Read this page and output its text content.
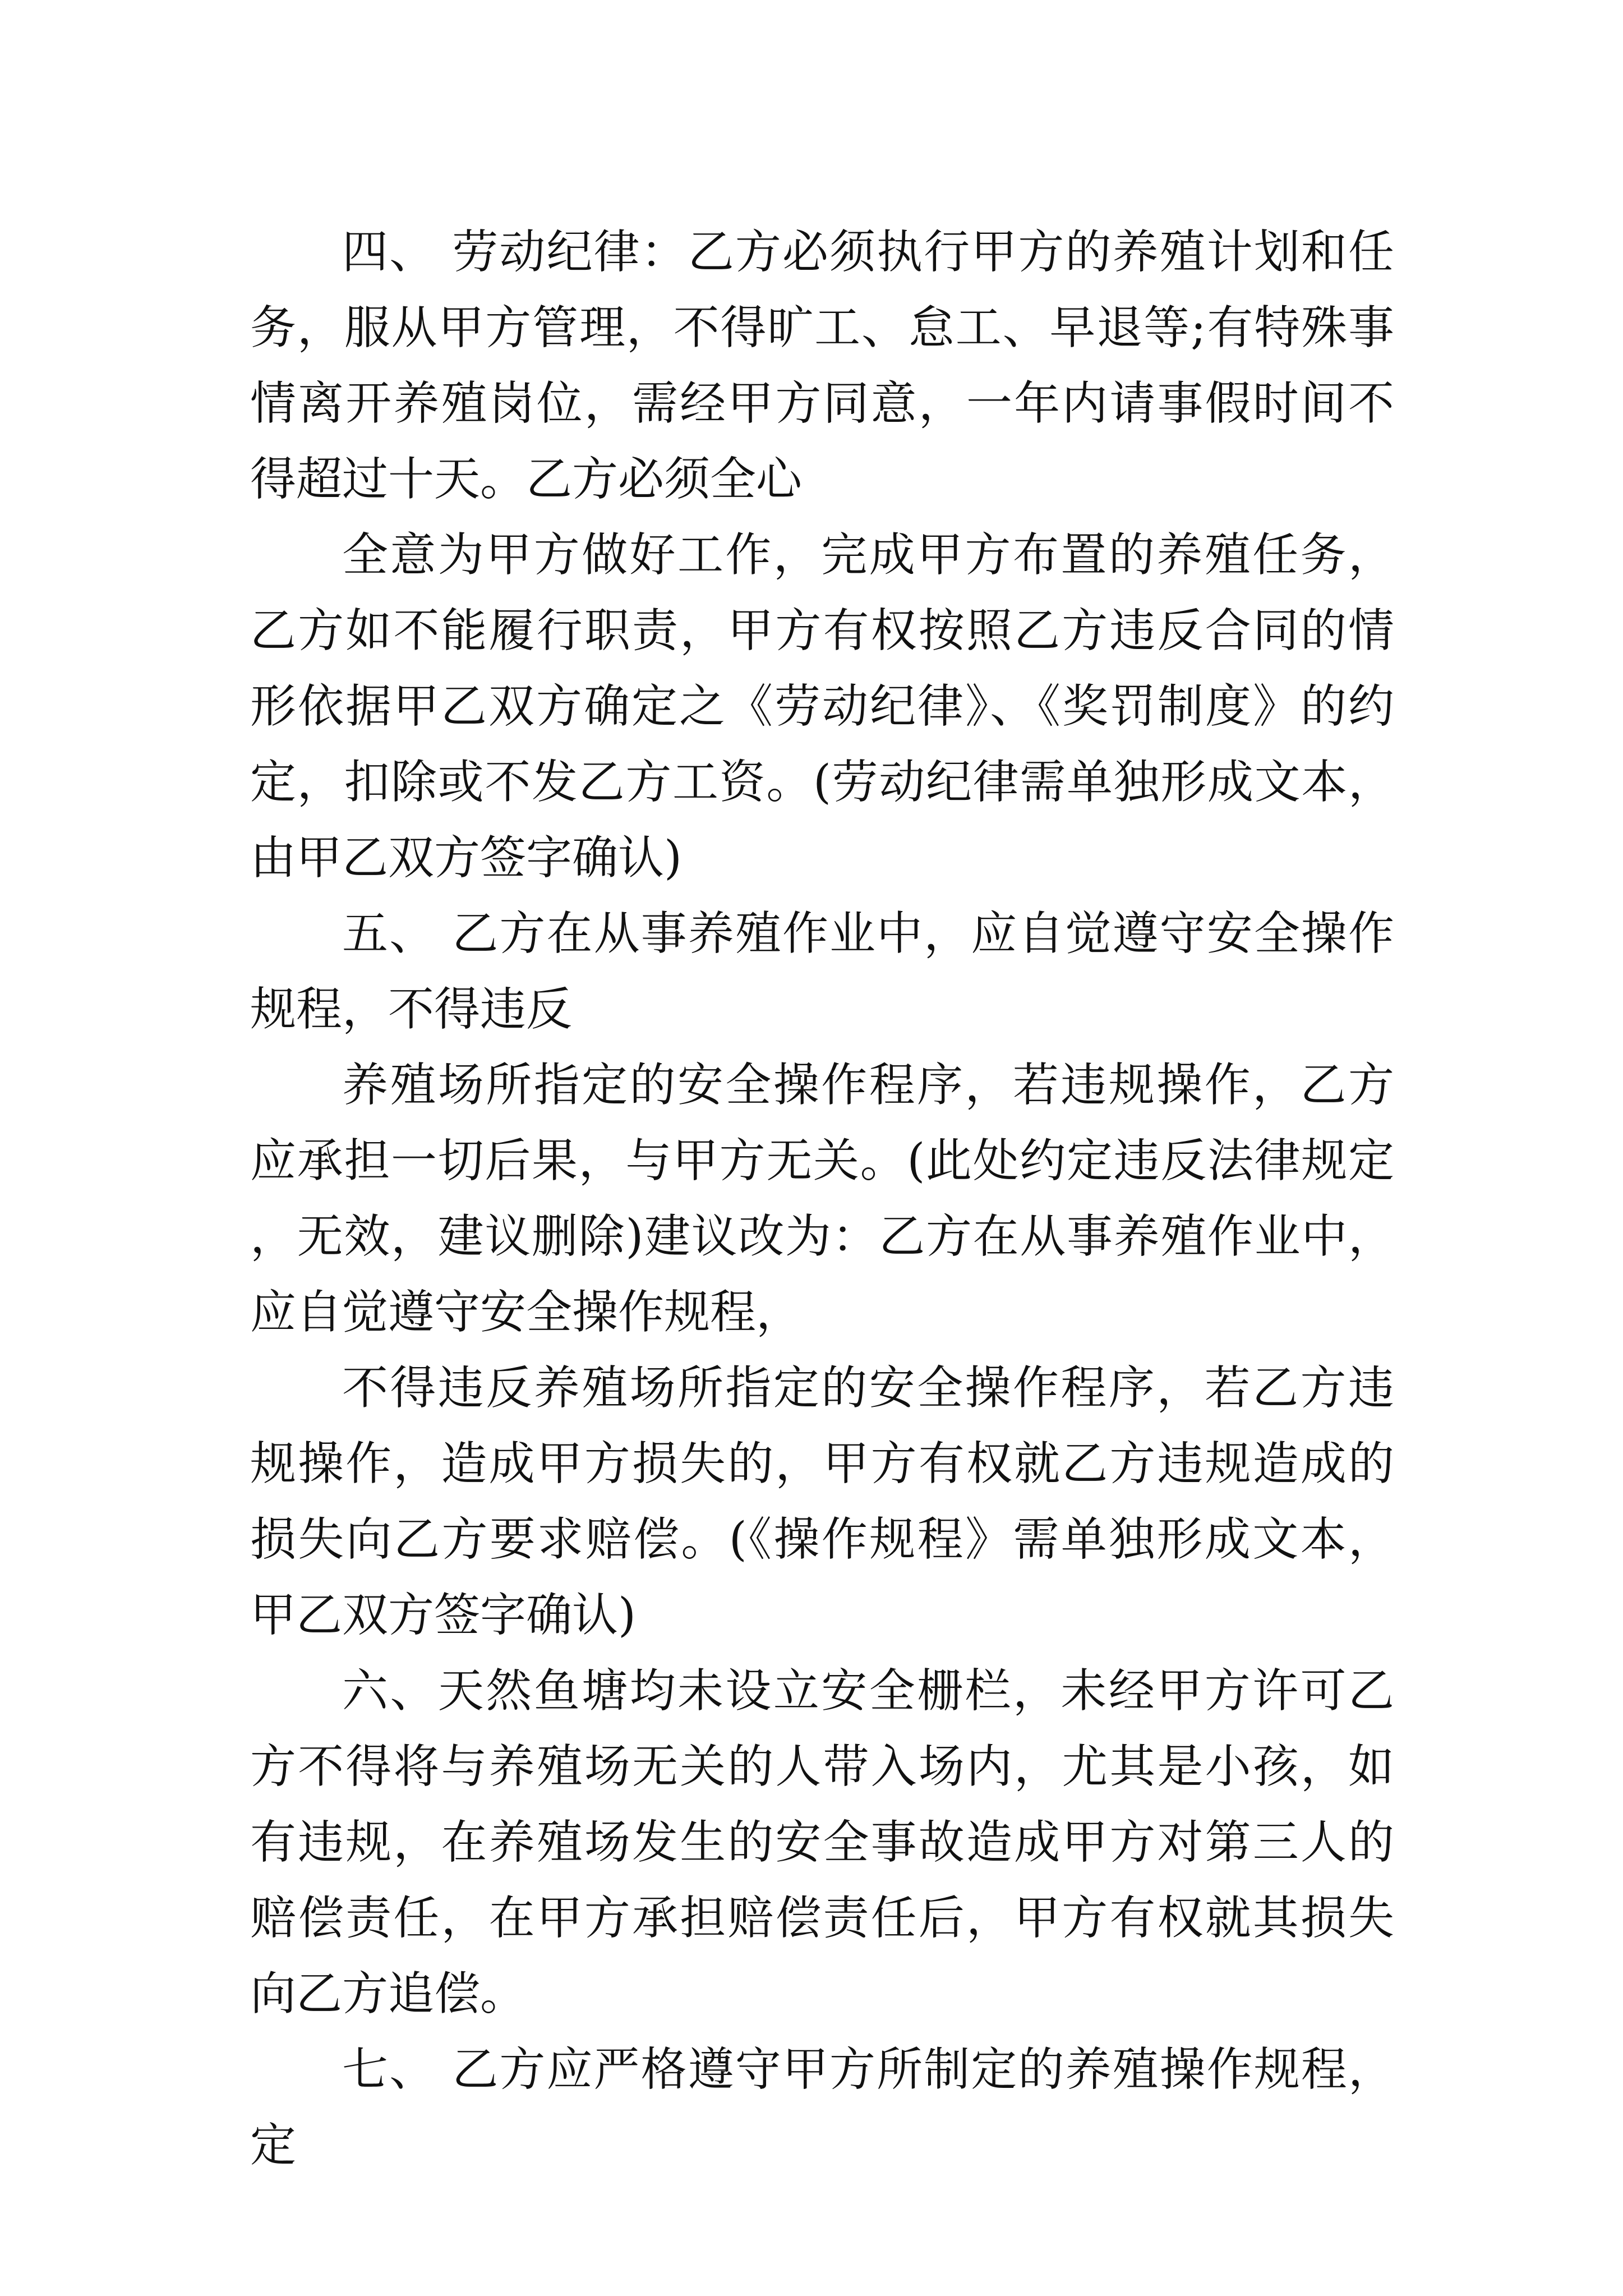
四、 劳动纪律：乙方必须执行甲方的养殖计划和任务，服从甲方管理，不得旷工、怠工、早退等;有特殊事情离开养殖岗位，需经甲方同意，一年内请事假时间不得超过十天。乙方必须全心

全意为甲方做好工作，完成甲方布置的养殖任务， 乙方如不能履行职责，甲方有权按照乙方违反合同的情形依据甲乙双方确定之《劳动纪律》、《奖罚制度》的约定，扣除或不发乙方工资。(劳动纪律需单独形成文本，由甲乙双方签字确认)

五、 乙方在从事养殖作业中，应自觉遵守安全操作规程，不得违反

养殖场所指定的安全操作程序，若违规操作，乙方应承担一切后果，与甲方无关。(此处约定违反法律规定，无效，建议删除)建议改为：乙方在从事养殖作业中，应自觉遵守安全操作规程，

不得违反养殖场所指定的安全操作程序，若乙方违规操作，造成甲方损失的，甲方有权就乙方违规造成的损失向乙方要求赔偿。(《操作规程》需单独形成文本，甲乙双方签字确认)

六、天然鱼塘均未设立安全栅栏，未经甲方许可乙方不得将与养殖场无关的人带入场内，尤其是小孩，如有违规，在养殖场发生的安全事故造成甲方对第三人的赔偿责任，在甲方承担赔偿责任后，甲方有权就其损失向乙方追偿。

七、 乙方应严格遵守甲方所制定的养殖操作规程，定
